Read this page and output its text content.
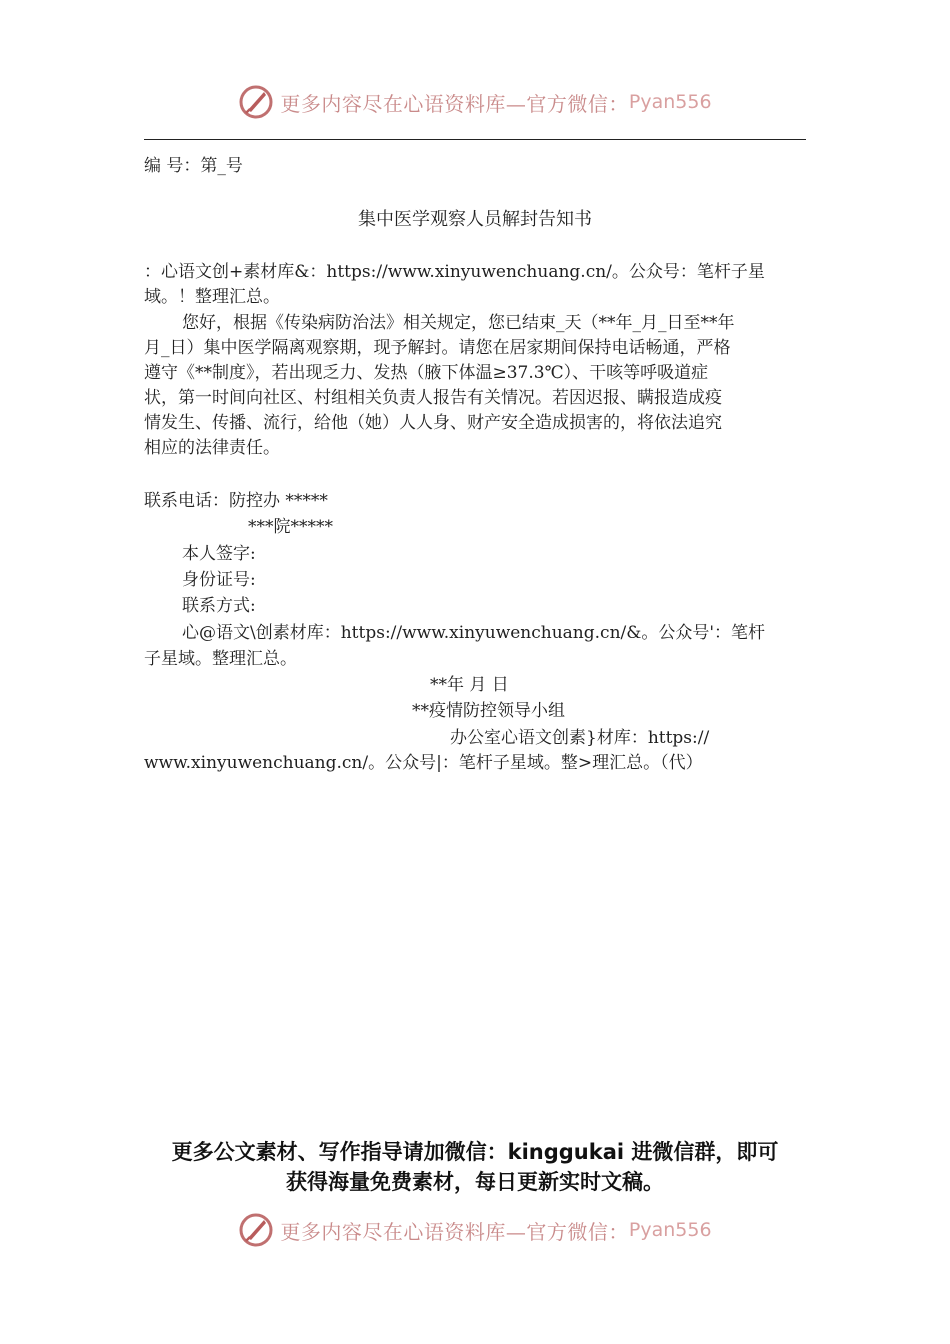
更多内容尽在心语资料库—官方微信： Pyan556
编 号：第_号
集中医学观察人员解封告知书
：心语文创+素材库&：https://www.xinyuwenchuang.cn/。公众号：笔杆子星
域。！整理汇总。
您好，根据《传染病防治法》相关规定，您已结束_天（**年_月_日至**年
月_日）集中医学隔离观察期，现予解封。请您在居家期间保持电话畅通，严格
遵守《**制度》，若出现乏力、发热（腋下体温≥37.3℃）、干咳等呼吸道症
状，第一时间向社区、村组相关负责人报告有关情况。若因迟报、瞒报造成疫
情发生、传播、流行，给他（她）人人身、财产安全造成损害的，将依法追究
相应的法律责任。
联系电话：防控办 *****
***院*****
本人签字:
身份证号:
联系方式:
心@语文\创素材库：https://www.xinyuwenchuang.cn/&。公众号'：笔杆
子星域。整理汇总。
**年 月 日
**疫情防控领导小组
办公室心语文创素}材库：https://
www.xinyuwenchuang.cn/。公众号|：笔杆子星域。整>理汇总。（代）
更多公文素材、写作指导请加微信：kinggukai 进微信群，即可
获得海量免费素材，每日更新实时文稿。
更多内容尽在心语资料库—官方微信： Pyan556
